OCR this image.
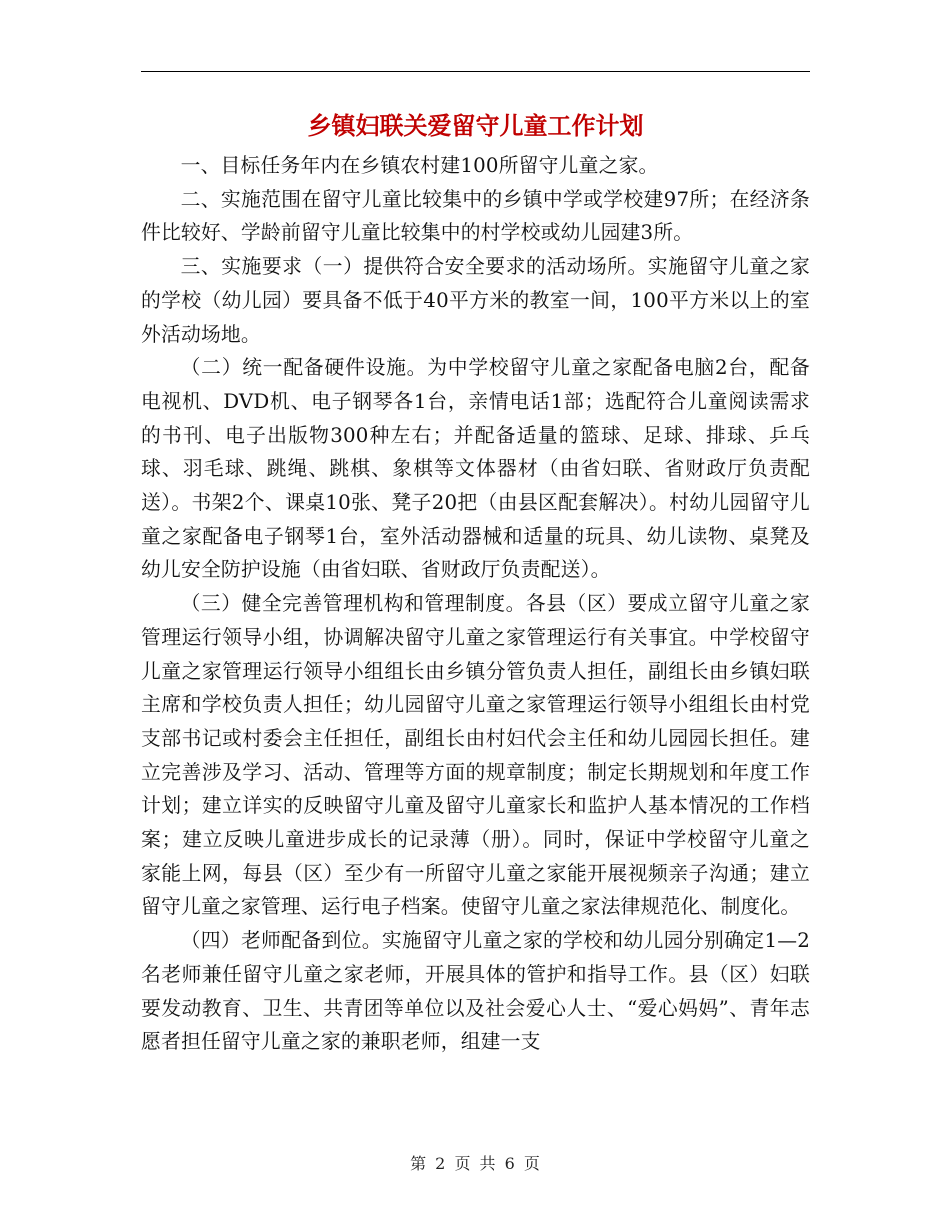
乡镇妇联关爱留守儿童工作计划

一、目标任务年内在乡镇农村建100所留守儿童之家。

二、实施范围在留守儿童比较集中的乡镇中学或学校建97所；在经济条件比较好、学龄前留守儿童比较集中的村学校或幼儿园建3所。

三、实施要求（一）提供符合安全要求的活动场所。实施留守儿童之家的学校（幼儿园）要具备不低于40平方米的教室一间，100平方米以上的室外活动场地。

（二）统一配备硬件设施。为中学校留守儿童之家配备电脑2台，配备电视机、DVD机、电子钢琴各1台，亲情电话1部；选配符合儿童阅读需求的书刊、电子出版物300种左右；并配备适量的篮球、足球、排球、乒乓球、羽毛球、跳绳、跳棋、象棋等文体器材（由省妇联、省财政厅负责配送）。书架2个、课桌10张、凳子20把（由县区配套解决）。村幼儿园留守儿童之家配备电子钢琴1台，室外活动器械和适量的玩具、幼儿读物、桌凳及幼儿安全防护设施（由省妇联、省财政厅负责配送）。

（三）健全完善管理机构和管理制度。各县（区）要成立留守儿童之家管理运行领导小组，协调解决留守儿童之家管理运行有关事宜。中学校留守儿童之家管理运行领导小组组长由乡镇分管负责人担任，副组长由乡镇妇联主席和学校负责人担任；幼儿园留守儿童之家管理运行领导小组组长由村党支部书记或村委会主任担任，副组长由村妇代会主任和幼儿园园长担任。建立完善涉及学习、活动、管理等方面的规章制度；制定长期规划和年度工作计划；建立详实的反映留守儿童及留守儿童家长和监护人基本情况的工作档案；建立反映儿童进步成长的记录薄（册）。同时，保证中学校留守儿童之家能上网，每县（区）至少有一所留守儿童之家能开展视频亲子沟通；建立留守儿童之家管理、运行电子档案。使留守儿童之家法律规范化、制度化。

（四）老师配备到位。实施留守儿童之家的学校和幼儿园分别确定1—2名老师兼任留守儿童之家老师，开展具体的管护和指导工作。县（区）妇联要发动教育、卫生、共青团等单位以及社会爱心人士、“爱心妈妈”、青年志愿者担任留守儿童之家的兼职老师，组建一支

第 2 页 共 6 页
